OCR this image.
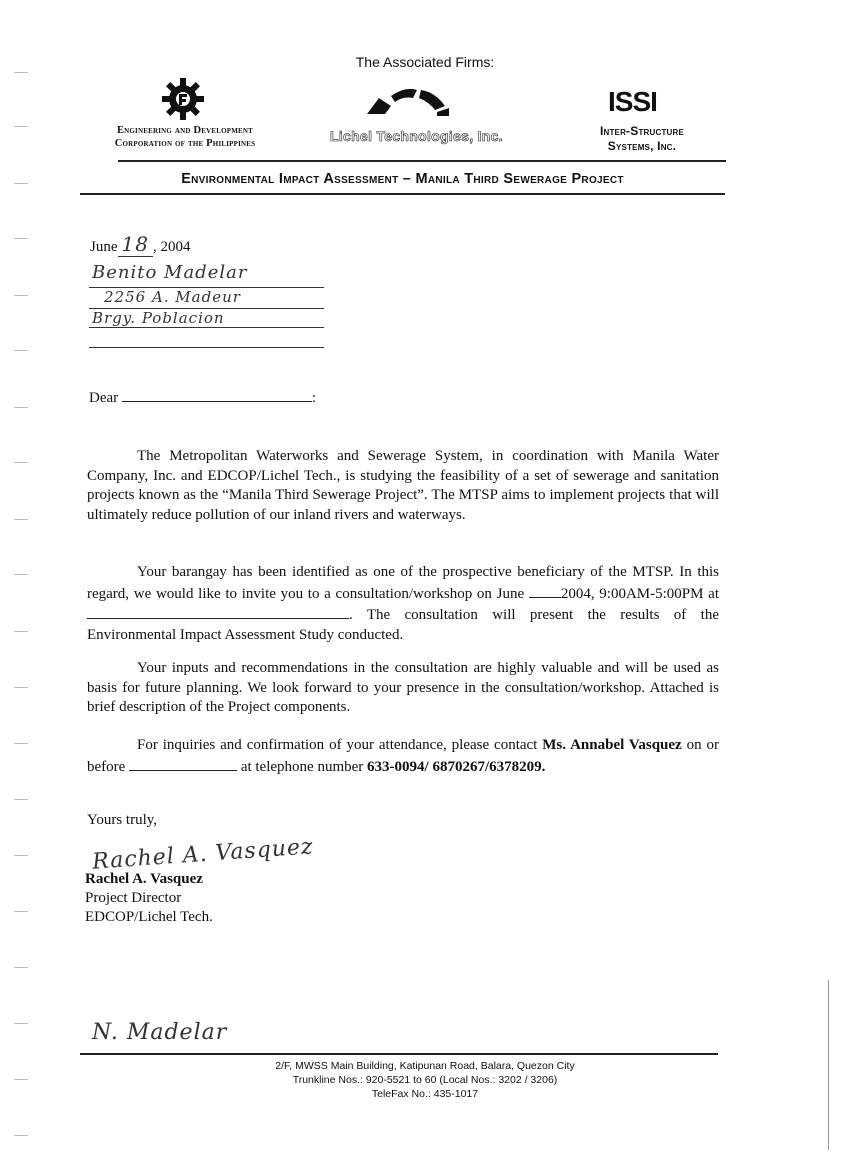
The Associated Firms:
Engineering and Development
Corporation of the Philippines	Lichel Technologies, Inc.
ISSI
Inter-Structure
Systems, Inc.
Environmental Impact Assessment – Manila Third Sewerage Project
June 18 , 2004
Benito Madelar
2256 A. Madeur
Brgy. Poblacion
Dear	:
The Metropolitan Waterworks and Sewerage System, in coordination with Manila Water Company, Inc. and EDCOP/Lichel Tech., is studying the feasibility of a set of sewerage and sanitation projects known as the “Manila Third Sewerage Project”. The MTSP aims to implement projects that will ultimately reduce pollution of our inland rivers and waterways.
Your barangay has been identified as one of the prospective beneficiary of the MTSP. In this regard, we would like to invite you to a consultation/workshop on June 2004, 9:00AM-5:00PM at . The consultation will present the results of the Environmental Impact Assessment Study conducted.
Your inputs and recommendations in the consultation are highly valuable and will be used as basis for future planning. We look forward to your presence in the consultation/workshop. Attached is brief description of the Project components.
For inquiries and confirmation of your attendance, please contact Ms. Annabel Vasquez on or before	at telephone number 633-0094/ 6870267/6378209.
Yours truly,
Rachel A. Vasquez
Rachel A. Vasquez
Project Director
EDCOP/Lichel Tech.
N. Madelar
2/F, MWSS Main Building, Katipunan Road, Balara, Quezon City
Trunkline Nos.: 920-5521 to 60 (Local Nos.: 3202 / 3206)
TeleFax No.: 435-1017
